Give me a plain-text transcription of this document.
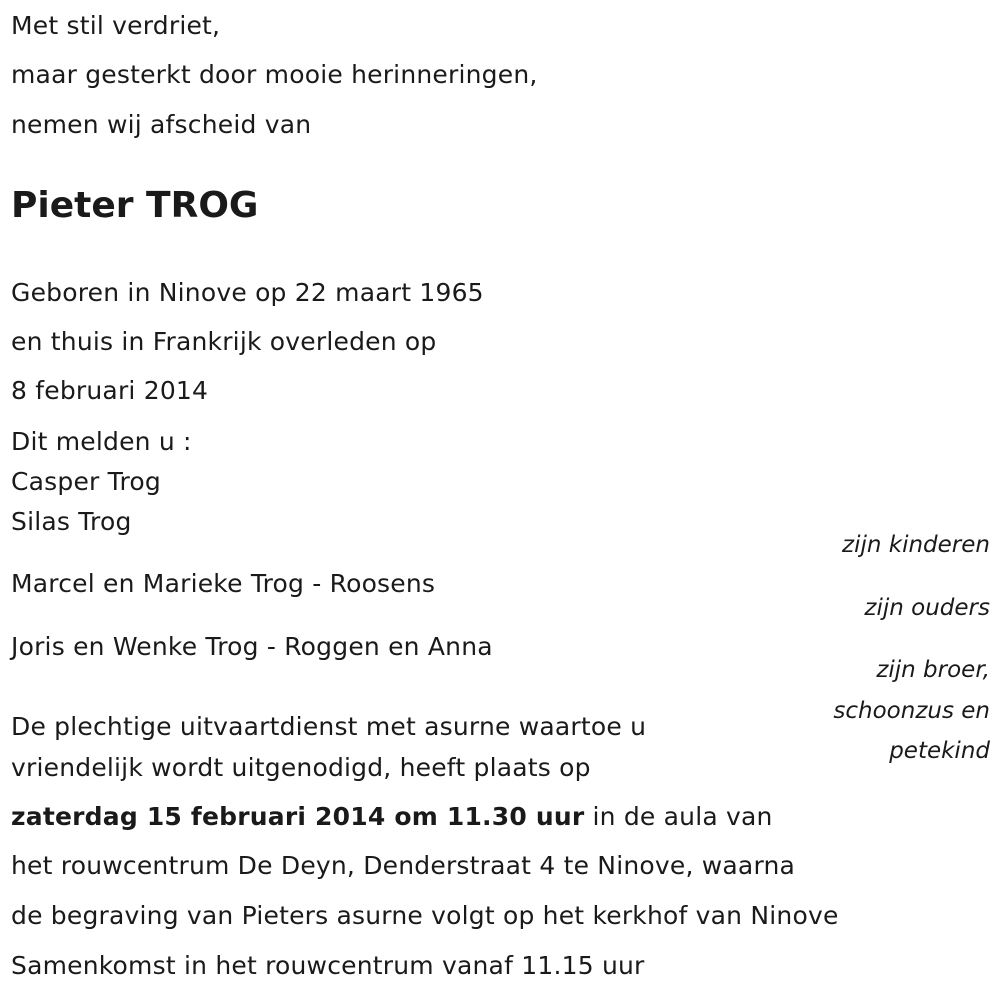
Met stil verdriet,
maar gesterkt door mooie herinneringen,
nemen wij afscheid van
Pieter TROG
Geboren in Ninove op 22 maart 1965
en thuis in Frankrijk overleden op
8 februari 2014
Dit melden u :
Casper Trog
Silas Trog
zijn kinderen
Marcel en Marieke Trog - Roosens
zijn ouders
Joris en Wenke Trog - Roggen en Anna
zijn broer,
schoonzus en
petekind
De plechtige uitvaartdienst met asurne waartoe u
vriendelijk wordt uitgenodigd, heeft plaats op
zaterdag 15 februari 2014 om 11.30 uur in de aula van
het rouwcentrum De Deyn, Denderstraat 4 te Ninove, waarna
de begraving van Pieters asurne volgt op het kerkhof van Ninove
Samenkomst in het rouwcentrum vanaf 11.15 uur
